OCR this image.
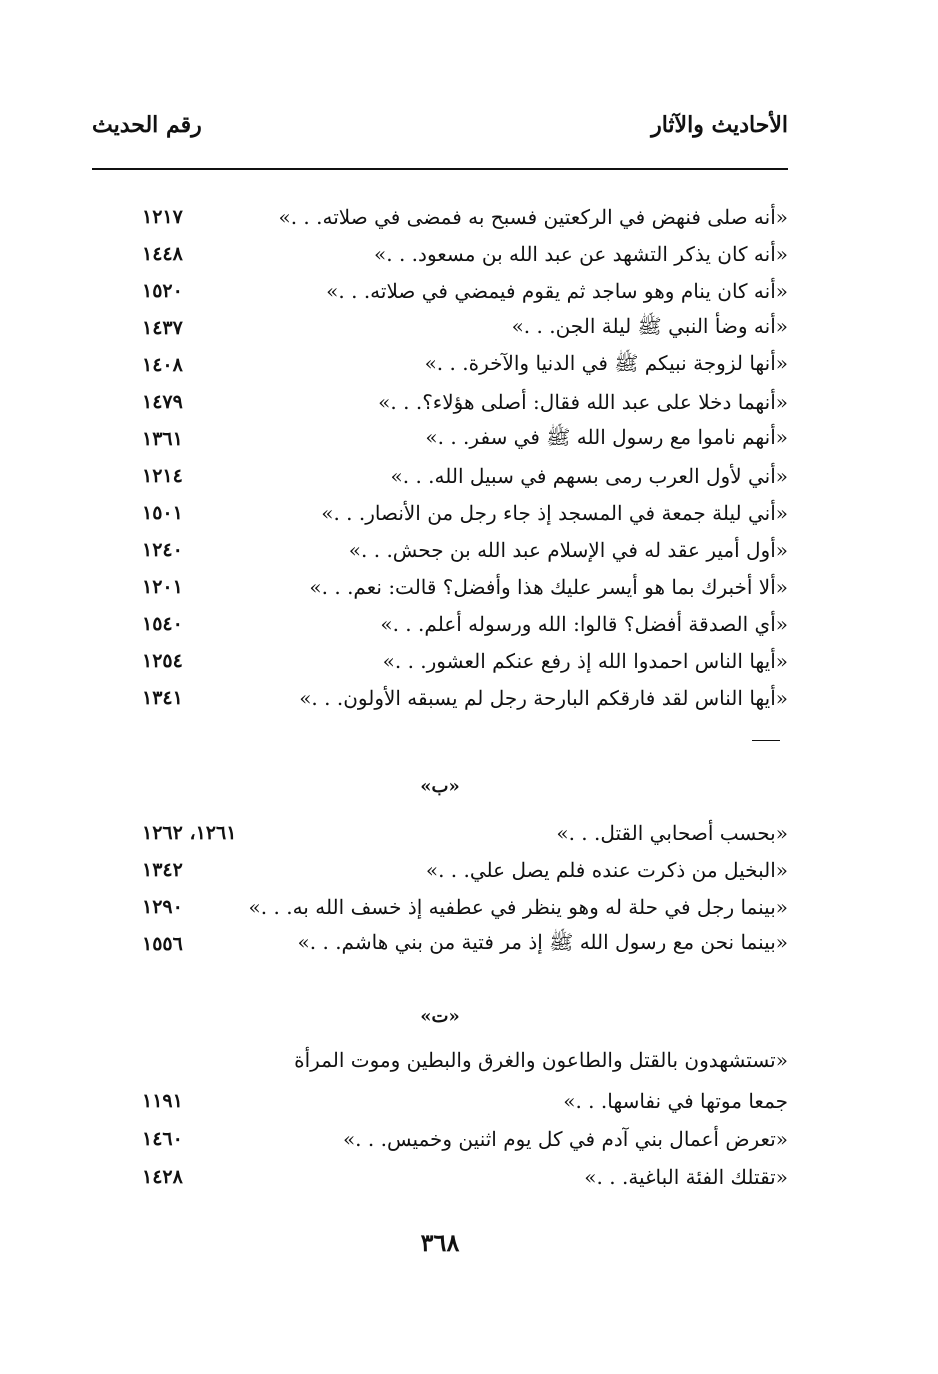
الأحاديث والآثار
رقم الحديث
«أنه صلى فنهض في الركعتين فسبح به فمضى في صلاته. . .»
١٢١٧
«أنه كان يذكر التشهد عن عبد الله بن مسعود. . .»
١٤٤٨
«أنه كان ينام وهو ساجد ثم يقوم فيمضي في صلاته. . .»
١٥٢٠
«أنه وضأ النبي ﷺ ليلة الجن. . .»
١٤٣٧
«أنها لزوجة نبيكم ﷺ في الدنيا والآخرة. . .»
١٤٠٨
«أنهما دخلا على عبد الله فقال: أصلى هؤلاء؟. . .»
١٤٧٩
«أنهم ناموا مع رسول الله ﷺ في سفر. . .»
١٣٦١
«أني لأول العرب رمى بسهم في سبيل الله. . .»
١٢١٤
«أني ليلة جمعة في المسجد إذ جاء رجل من الأنصار. . .»
١٥٠١
«أول أمير عقد له في الإسلام عبد الله بن جحش. . .»
١٢٤٠
«ألا أخبرك بما هو أيسر عليك هذا وأفضل؟ قالت: نعم. . .»
١٢٠١
«أي الصدقة أفضل؟ قالوا: الله ورسوله أعلم. . .»
١٥٤٠
«أيها الناس احمدوا الله إذ رفع عنكم العشور. . .»
١٢٥٤
«أيها الناس لقد فارقكم البارحة رجل لم يسبقه الأولون. . .»
١٣٤١
«ب»
«بحسب أصحابي القتل. . .»
١٢٦١، ١٢٦٢
«البخيل من ذكرت عنده فلم يصل علي. . .»
١٣٤٢
«بينما رجل في حلة له وهو ينظر في عطفيه إذ خسف الله به. . .»
١٢٩٠
«بينما نحن مع رسول الله ﷺ إذ مر فتية من بني هاشم. . .»
١٥٥٦
«ت»
«تستشهدون بالقتل والطاعون والغرق والبطين وموت المرأة
جمعا موتها في نفاسها. . .»
١١٩١
«تعرض أعمال بني آدم في كل يوم اثنين وخميس. . .»
١٤٦٠
«تقتلك الفئة الباغية. . .»
١٤٢٨
٣٦٨
